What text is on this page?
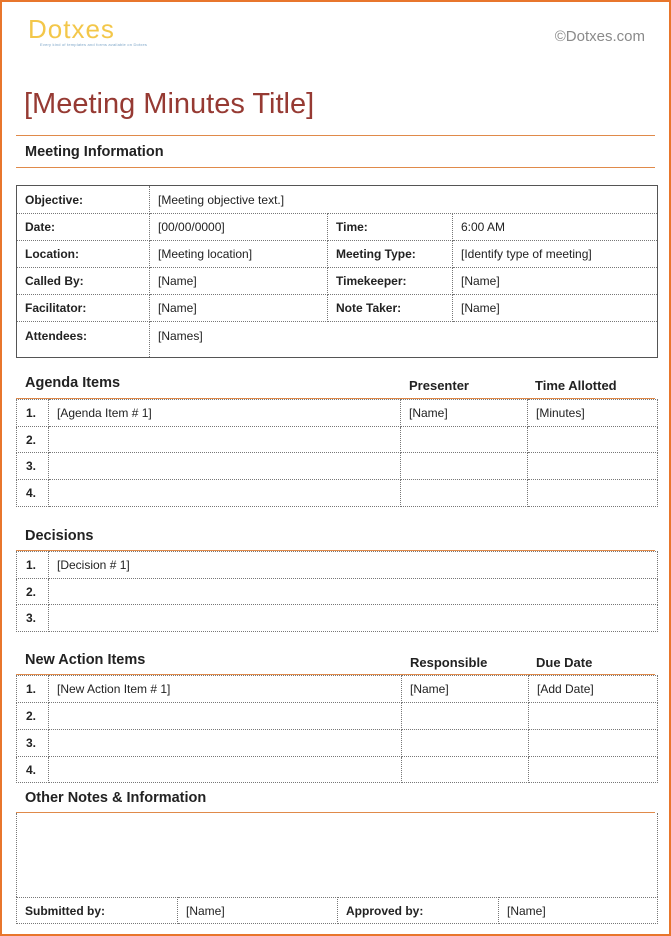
Dotxes
Every kind of templates and forms available on Dotxes	©Dotxes.com
[Meeting Minutes Title]
Meeting Information
Objective:	[Meeting objective text.]		
Date:	[00/00/0000]	Time:	6:00 AM
Location:	[Meeting location]	Meeting Type:	[Identify type of meeting]
Called By:	[Name]	Timekeeper:	[Name]
Facilitator:	[Name]	Note Taker:	[Name]
Attendees:	[Names]		
Agenda Items	Presenter	Time Allotted
1.	[Agenda Item # 1]	[Name]	[Minutes]
2.			
3.			
4.			
Decisions
1.	[Decision # 1]
2.	
3.	
New Action Items	Responsible	Due Date
1.	[New Action Item # 1]	[Name]	[Add Date]
2.			
3.			
4.			
Other Notes & Information
Submitted by:	[Name]	Approved by:	[Name]
